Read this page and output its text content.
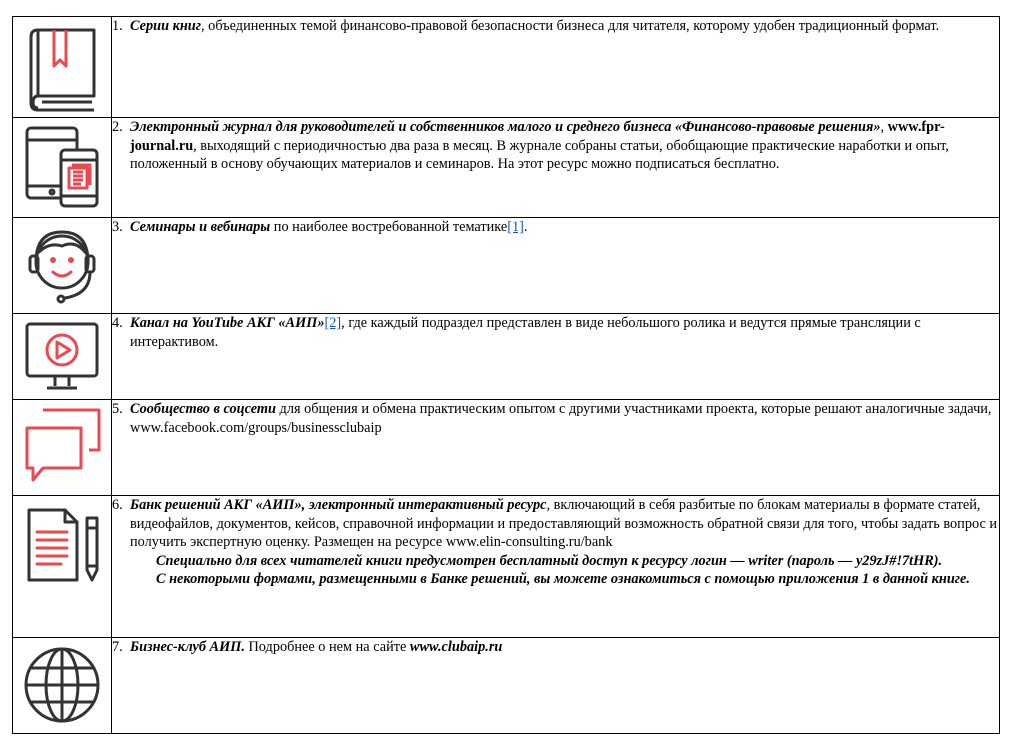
1. Серии книг, объединенных темой финансово-правовой безопасности бизнеса для читателя, которому удобен традиционный формат.

2. Электронный журнал для руководителей и собственников малого и среднего бизнеса «Финансово-правовые решения», www.fpr-journal.ru, выходящий с периодичностью два раза в месяц. В журнале собраны статьи, обобщающие практические наработки и опыт, положенный в основу обучающих материалов и семинаров. На этот ресурс можно подписаться бесплатно.

3. Семинары и вебинары по наиболее востребованной тематике[1].

4. Канал на YouTube АКГ «АИП»[2], где каждый подраздел представлен в виде небольшого ролика и ведутся прямые трансляции с интерактивом.

5. Сообщество в соцсети для общения и обмена практическим опытом с другими участниками проекта, которые решают аналогичные задачи, www.facebook.com/groups/businessclubaip

6. Банк решений АКГ «АИП», электронный интерактивный ресурс, включающий в себя разбитые по блокам материалы в формате статей, видеофайлов, документов, кейсов, справочной информации и предоставляющий возможность обратной связи для того, чтобы задать вопрос и получить экспертную оценку. Размещен на ресурсе www.elin-consulting.ru/bank
Специально для всех читателей книги предусмотрен бесплатный доступ к ресурсу логин — writer (пароль — y29zJ#!7tHR).
С некоторыми формами, размещенными в Банке решений, вы можете ознакомиться с помощью приложения 1 в данной книге.

7. Бизнес-клуб АИП. Подробнее о нем на сайте www.clubaip.ru
